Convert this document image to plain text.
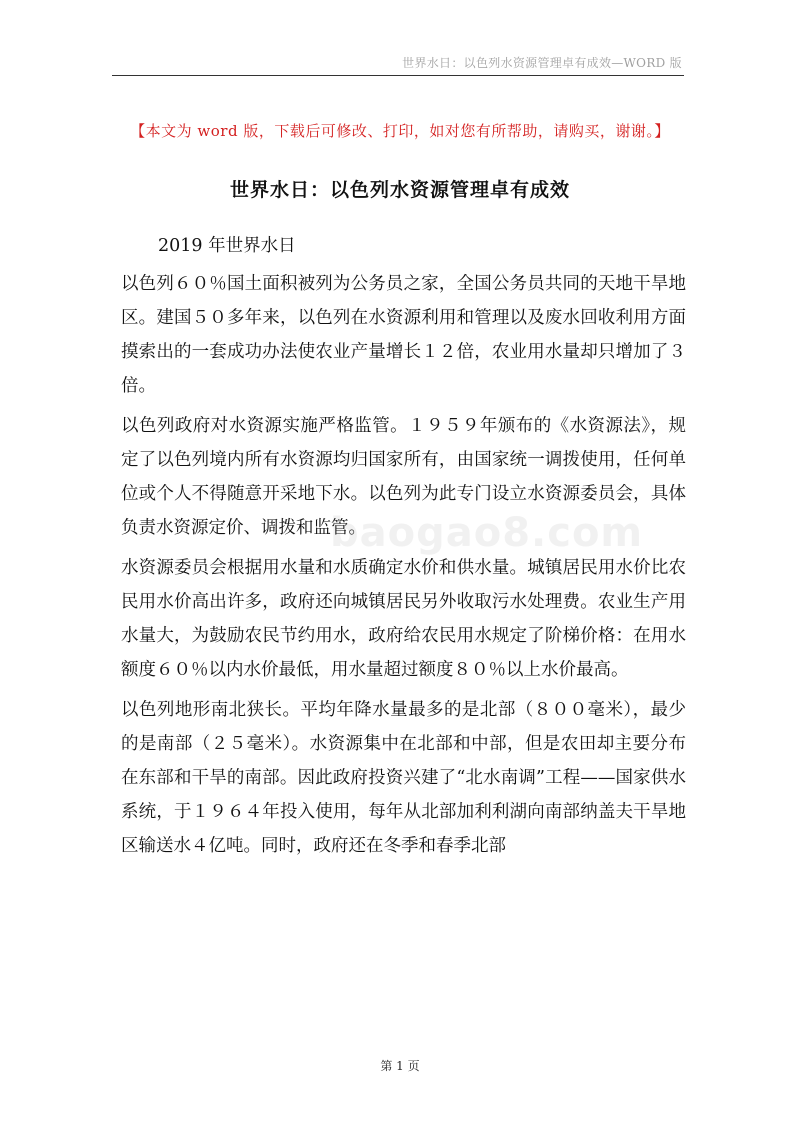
世界水日：以色列水资源管理卓有成效—WORD 版
【本文为 word 版，下载后可修改、打印，如对您有所帮助，请购买，谢谢。】
世界水日：以色列水资源管理卓有成效

2019 年世界水日

以色列６０％国土面积被列为公务员之家，全国公务员共同的天地干旱地区。建国５０多年来，以色列在水资源利用和管理以及废水回收利用方面摸索出的一套成功办法使农业产量增长１２倍，农业用水量却只增加了３倍。

以色列政府对水资源实施严格监管。１９５９年颁布的《水资源法》，规定了以色列境内所有水资源均归国家所有，由国家统一调拨使用，任何单位或个人不得随意开采地下水。以色列为此专门设立水资源委员会，具体负责水资源定价、调拨和监管。

水资源委员会根据用水量和水质确定水价和供水量。城镇居民用水价比农民用水价高出许多，政府还向城镇居民另外收取污水处理费。农业生产用水量大，为鼓励农民节约用水，政府给农民用水规定了阶梯价格：在用水额度６０％以内水价最低，用水量超过额度８０％以上水价最高。

以色列地形南北狭长。平均年降水量最多的是北部（８００毫米），最少的是南部（２５毫米）。水资源集中在北部和中部，但是农田却主要分布在东部和干旱的南部。因此政府投资兴建了“北水南调”工程——国家供水系统，于１９６４年投入使用，每年从北部加利利湖向南部纳盖夫干旱地区输送水４亿吨。同时，政府还在冬季和春季北部

baogao8.com
第 1 页
